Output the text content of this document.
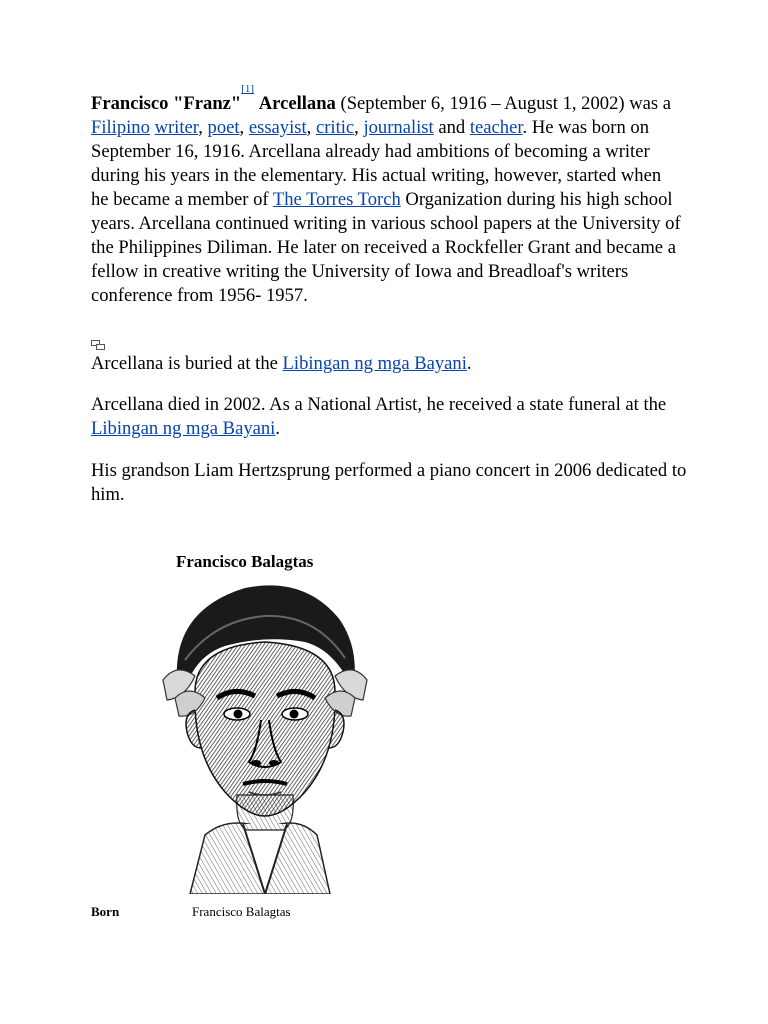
Francisco "Franz"[1] Arcellana (September 6, 1916 – August 1, 2002) was a Filipino writer, poet, essayist, critic, journalist and teacher. He was born on September 16, 1916. Arcellana already had ambitions of becoming a writer during his years in the elementary. His actual writing, however, started when he became a member of The Torres Torch Organization during his high school years. Arcellana continued writing in various school papers at the University of the Philippines Diliman. He later on received a Rockfeller Grant and became a fellow in creative writing the University of Iowa and Breadloaf's writers conference from 1956- 1957.

Arcellana is buried at the Libingan ng mga Bayani.

Arcellana died in 2002. As a National Artist, he received a state funeral at the Libingan ng mga Bayani.

His grandson Liam Hertzsprung performed a piano concert in 2006 dedicated to him.

Francisco Balagtas
Born	Francisco Balagtas
